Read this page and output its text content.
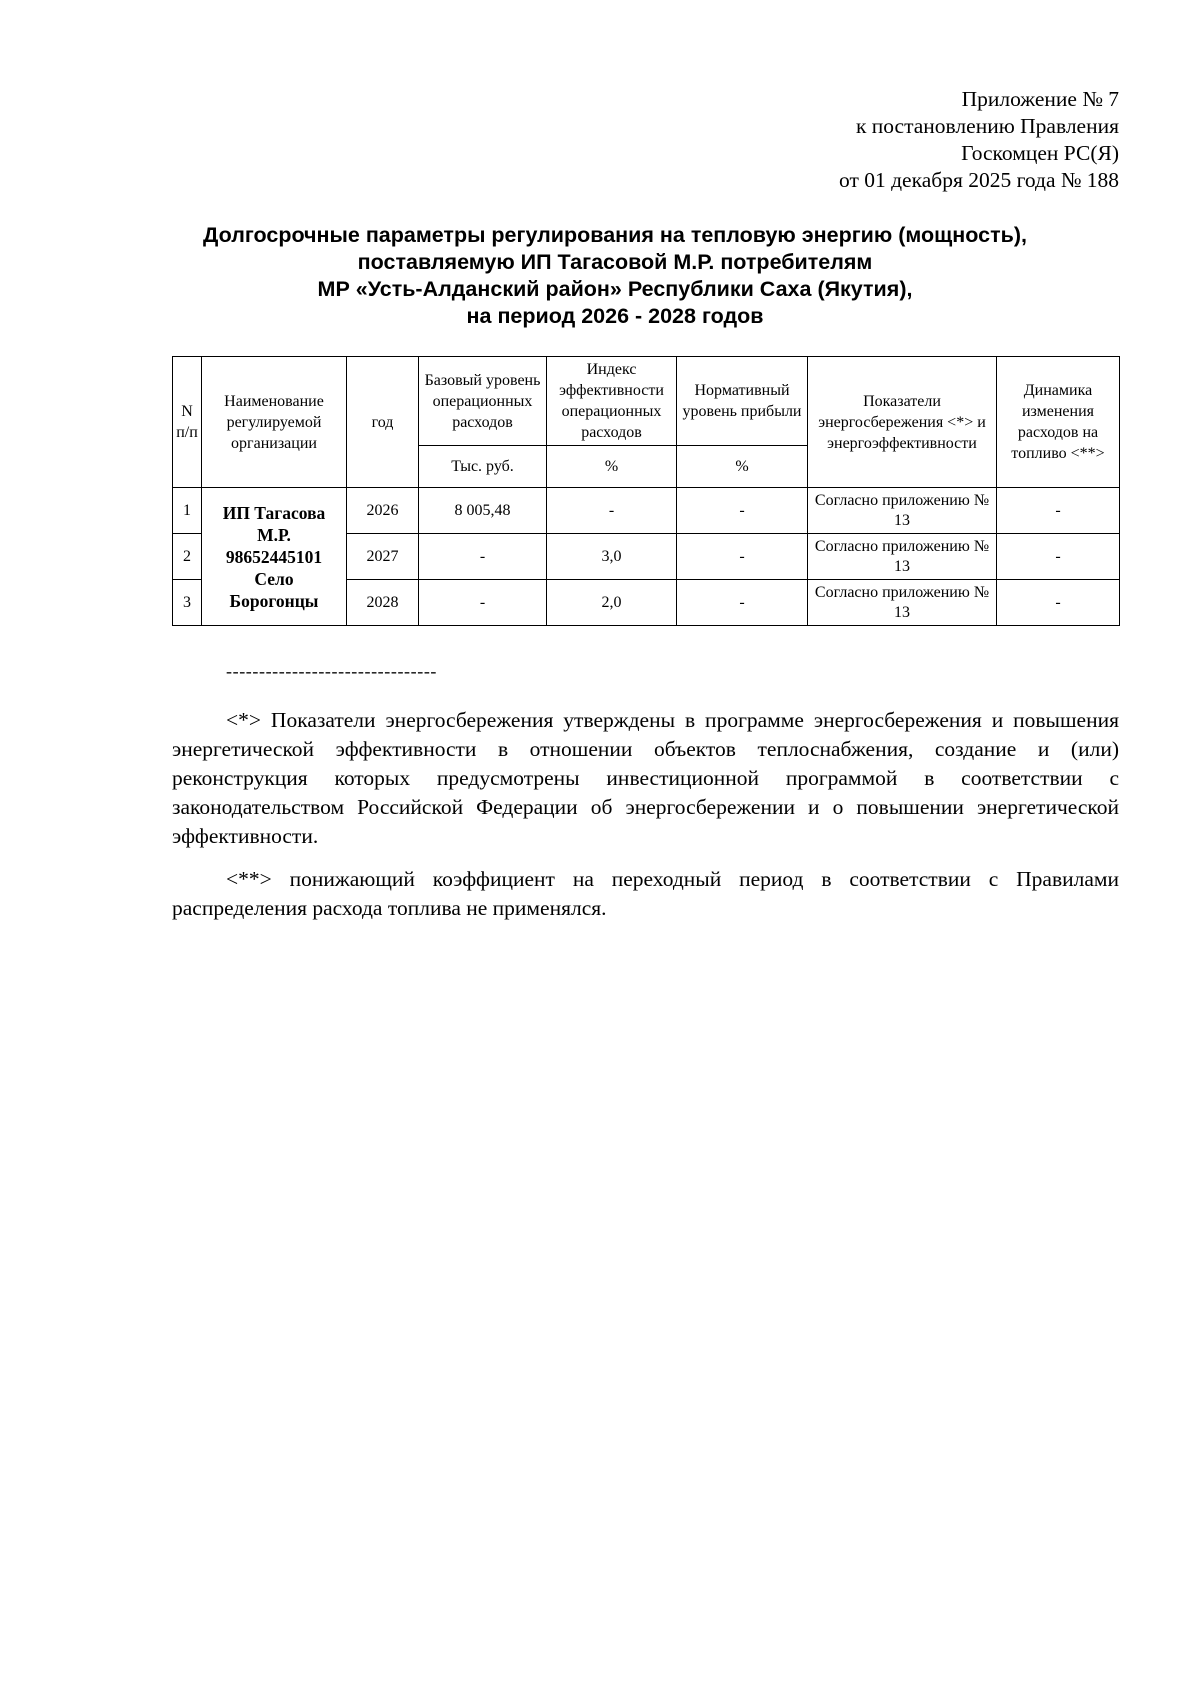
Приложение № 7
к постановлению Правления
Госкомцен РС(Я)
от 01 декабря 2025 года № 188
Долгосрочные параметры регулирования на тепловую энергию (мощность),
поставляемую ИП Тагасовой М.Р. потребителям
МР «Усть-Алданский район» Республики Саха (Якутия),
на период 2026 - 2028 годов
N п/п	Наименование регулируемой организации	год	Базовый уровень операционных расходов	Индекс эффективности операционных расходов	Нормативный уровень прибыли	Показатели энергосбережения <*> и энергоэффективности	Динамика изменения расходов на топливо <**>
			Тыс. руб.	%	%		
1	ИП Тагасова
М.Р.
98652445101
Село
Борогонцы	2026	8 005,48	-	-	Согласно приложению № 13	-
2		2027	-	3,0	-	Согласно приложению № 13	-
3		2028	-	2,0	-	Согласно приложению № 13	-
--------------------------------

<*> Показатели энергосбережения утверждены в программе энергосбережения и повышения энергетической эффективности в отношении объектов теплоснабжения, создание и (или) реконструкция которых предусмотрены инвестиционной программой в соответствии с законодательством Российской Федерации об энергосбережении и о повышении энергетической эффективности.

<**> понижающий коэффициент на переходный период в соответствии с Правилами распределения расхода топлива не применялся.
